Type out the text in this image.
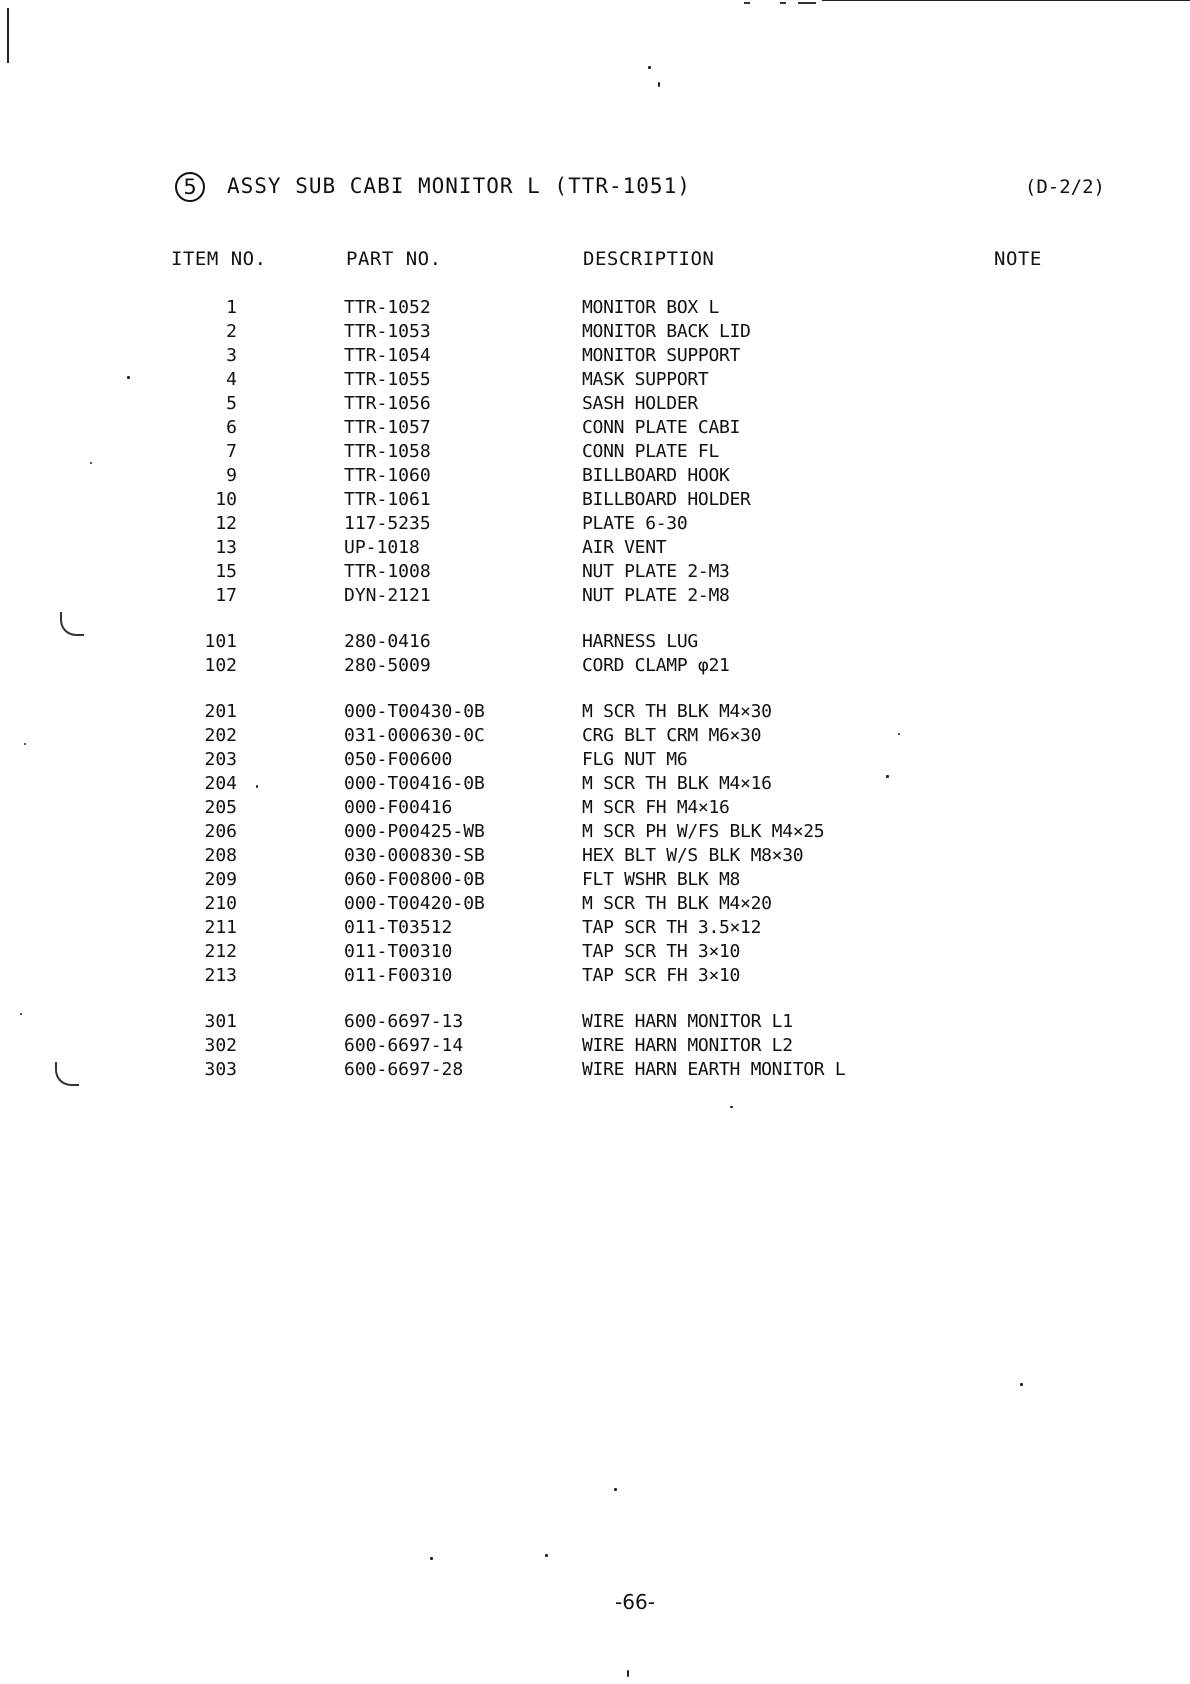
5	ASSY SUB CABI MONITOR L (TTR-1051)	(D-2/2)
ITEM NO.	PART NO.	DESCRIPTION	NOTE
1	TTR-1052	MONITOR BOX L
2	TTR-1053	MONITOR BACK LID
3	TTR-1054	MONITOR SUPPORT
4	TTR-1055	MASK SUPPORT
5	TTR-1056	SASH HOLDER
6	TTR-1057	CONN PLATE CABI
7	TTR-1058	CONN PLATE FL
9	TTR-1060	BILLBOARD HOOK
10	TTR-1061	BILLBOARD HOLDER
12	117-5235	PLATE 6-30
13	UP-1018	AIR VENT
15	TTR-1008	NUT PLATE 2-M3
17	DYN-2121	NUT PLATE 2-M8
101	280-0416	HARNESS LUG
102	280-5009	CORD CLAMP φ21
201	000-T00430-0B	M SCR TH BLK M4×30
202	031-000630-0C	CRG BLT CRM M6×30
203	050-F00600	FLG NUT M6
204	000-T00416-0B	M SCR TH BLK M4×16
205	000-F00416	M SCR FH M4×16
206	000-P00425-WB	M SCR PH W/FS BLK M4×25
208	030-000830-SB	HEX BLT W/S BLK M8×30
209	060-F00800-0B	FLT WSHR BLK M8
210	000-T00420-0B	M SCR TH BLK M4×20
211	011-T03512	TAP SCR TH 3.5×12
212	011-T00310	TAP SCR TH 3×10
213	011-F00310	TAP SCR FH 3×10
301	600-6697-13	WIRE HARN MONITOR L1
302	600-6697-14	WIRE HARN MONITOR L2
303	600-6697-28	WIRE HARN EARTH MONITOR L
-66-
